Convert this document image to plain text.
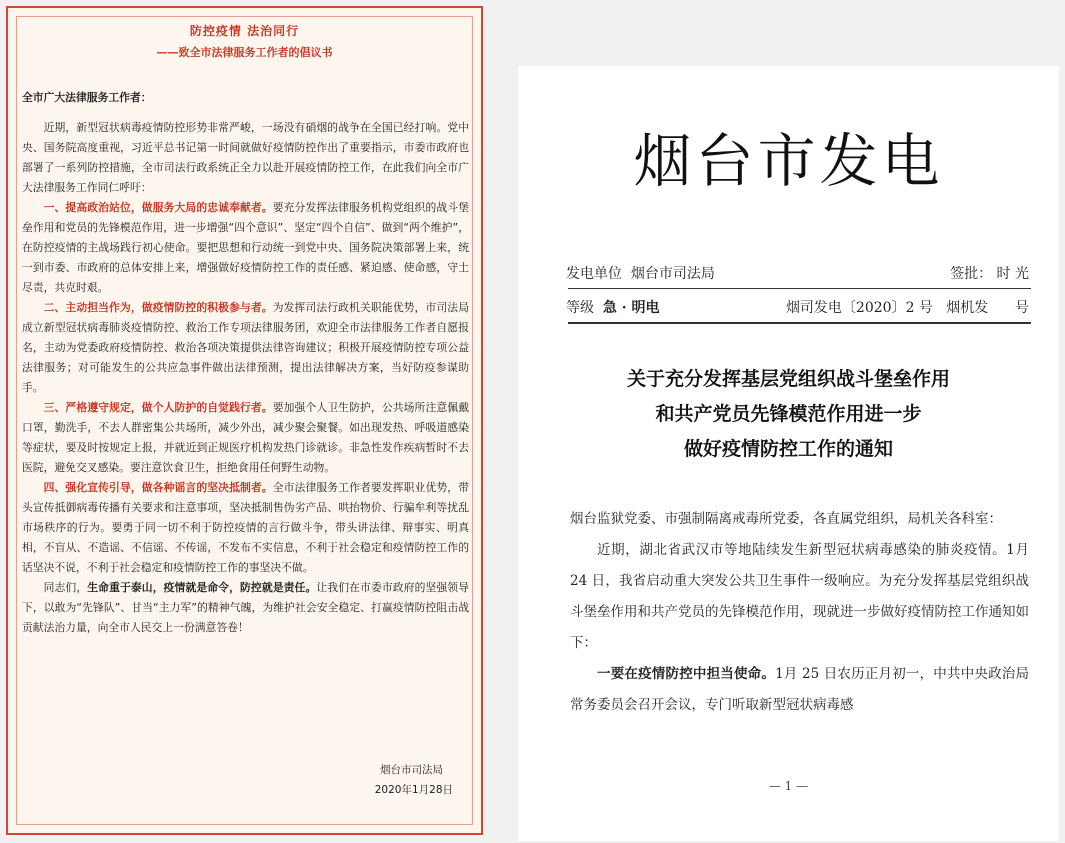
防控疫情 法治同行
——致全市法律服务工作者的倡议书

全市广大法律服务工作者：

近期，新型冠状病毒疫情防控形势非常严峻，一场没有硝烟的战争在全国已经打响。党中央、国务院高度重视，习近平总书记第一时间就做好疫情防控作出了重要指示，市委市政府也部署了一系列防控措施，全市司法行政系统正全力以赴开展疫情防控工作，在此我们向全市广大法律服务工作同仁呼吁：

一、提高政治站位，做服务大局的忠诚奉献者。要充分发挥法律服务机构党组织的战斗堡垒作用和党员的先锋模范作用，进一步增强“四个意识”、坚定“四个自信”、做到“两个维护”，在防控疫情的主战场践行初心使命。要把思想和行动统一到党中央、国务院决策部署上来，统一到市委、市政府的总体安排上来，增强做好疫情防控工作的责任感、紧迫感、使命感，守土尽责，共克时艰。

二、主动担当作为，做疫情防控的积极参与者。为发挥司法行政机关职能优势，市司法局成立新型冠状病毒肺炎疫情防控、救治工作专项法律服务团，欢迎全市法律服务工作者自愿报名，主动为党委政府疫情防控、救治各项决策提供法律咨询建议；积极开展疫情防控专项公益法律服务；对可能发生的公共应急事件做出法律预测，提出法律解决方案，当好防疫参谋助手。

三、严格遵守规定，做个人防护的自觉践行者。要加强个人卫生防护，公共场所注意佩戴口罩，勤洗手，不去人群密集公共场所，减少外出，减少聚会聚餐。如出现发热、呼吸道感染等症状，要及时按规定上报，并就近到正规医疗机构发热门诊就诊。非急性发作疾病暂时不去医院，避免交叉感染。要注意饮食卫生，拒绝食用任何野生动物。

四、强化宣传引导，做各种谣言的坚决抵制者。全市法律服务工作者要发挥职业优势，带头宣传抵御病毒传播有关要求和注意事项，坚决抵制售伪劣产品、哄抬物价、行骗牟利等扰乱市场秩序的行为。要勇于同一切不利于防控疫情的言行做斗争，带头讲法律、辩事实、明真相，不盲从、不造谣、不信谣、不传谣，不发布不实信息，不利于社会稳定和疫情防控工作的话坚决不说，不利于社会稳定和疫情防控工作的事坚决不做。

同志们，生命重于泰山，疫情就是命令，防控就是责任。让我们在市委市政府的坚强领导下，以敢为“先锋队”、甘当“主力军”的精神气魄，为维护社会安全稳定、打赢疫情防控阻击战贡献法治力量，向全市人民交上一份满意答卷！

烟台市司法局
2020年1月28日
烟台市发电
发电单位 烟台市司法局	签批： 时 光
等级 急 · 明电	烟司发电〔2020〕2 号 烟机发 号
关于充分发挥基层党组织战斗堡垒作用
和共产党员先锋模范作用进一步
做好疫情防控工作的通知

烟台监狱党委、市强制隔离戒毒所党委，各直属党组织，局机关各科室：

近期，湖北省武汉市等地陆续发生新型冠状病毒感染的肺炎疫情。1月 24 日，我省启动重大突发公共卫生事件一级响应。为充分发挥基层党组织战斗堡垒作用和共产党员的先锋模范作用，现就进一步做好疫情防控工作通知如下：

一要在疫情防控中担当使命。1月 25 日农历正月初一，中共中央政治局常务委员会召开会议，专门听取新型冠状病毒感

— 1 —
